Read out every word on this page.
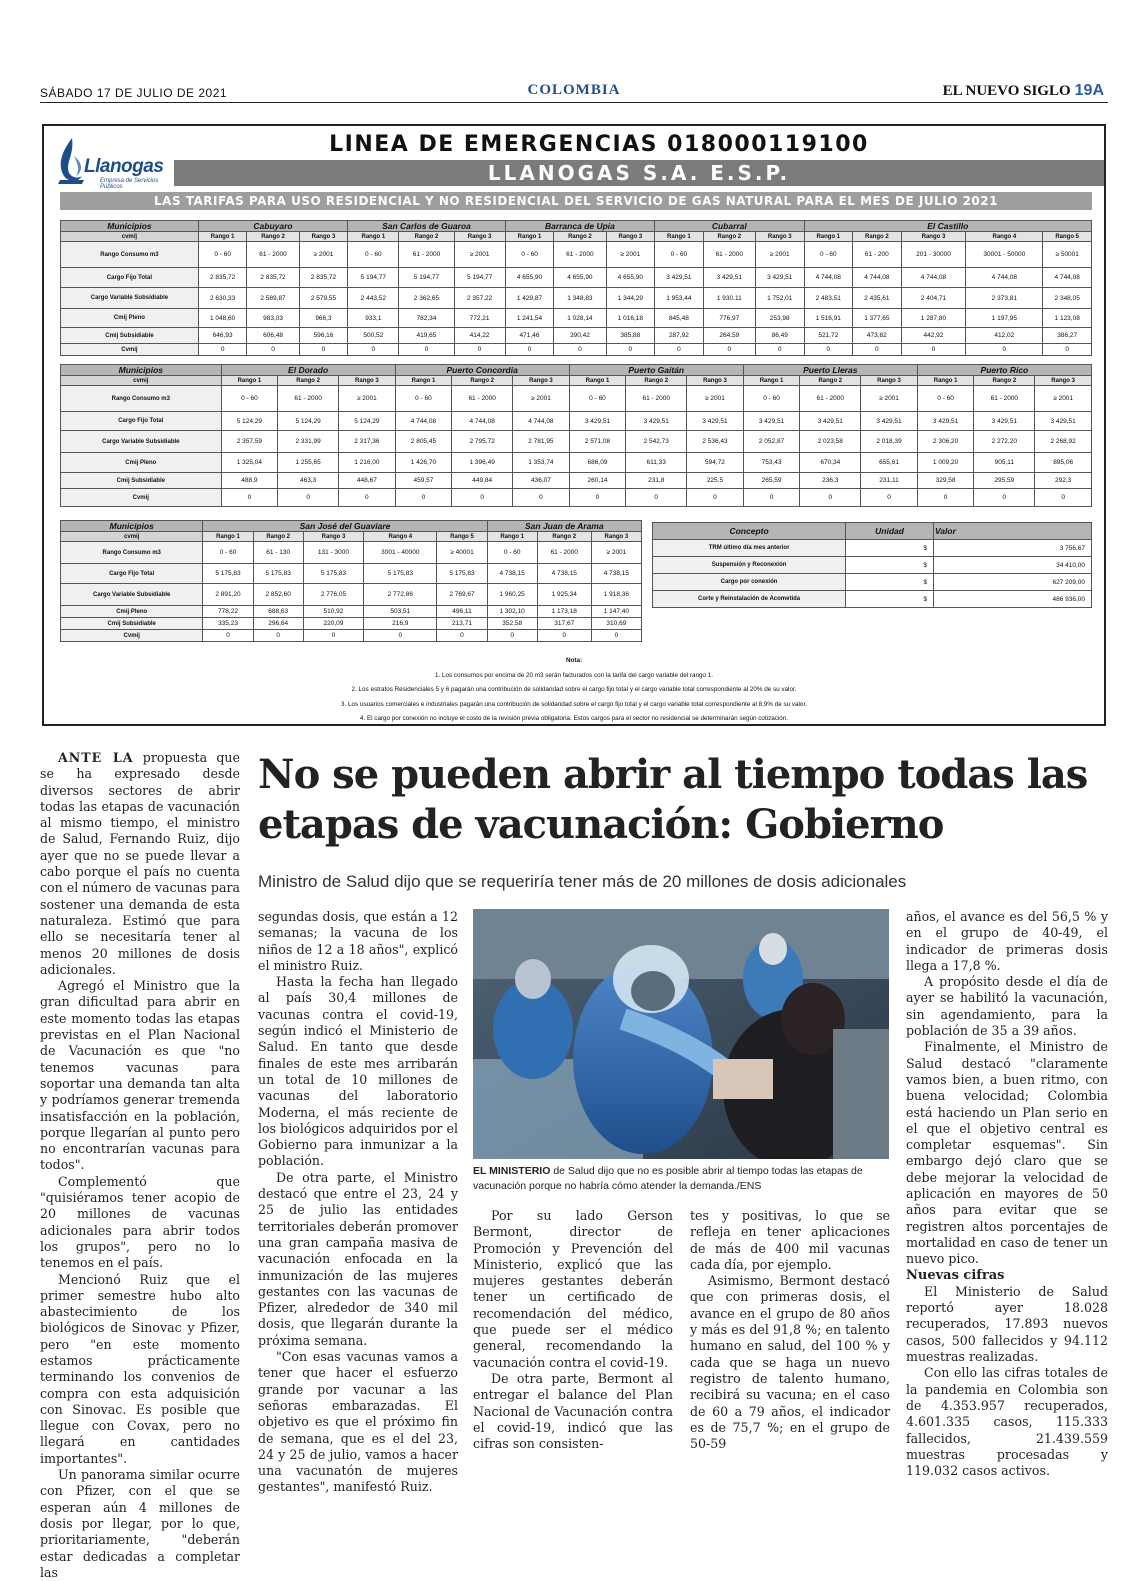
SÁBADO 17 DE JULIO DE 2021	COLOMBIA	EL NUEVO SIGLO 19A
Llanogas
Empresa de Servicios Públicos
LINEA DE EMERGENCIAS 018000119100
LLANOGAS S.A. E.S.P.
LAS TARIFAS PARA USO RESIDENCIAL Y NO RESIDENCIAL DEL SERVICIO DE GAS NATURAL PARA EL MES DE JULIO 2021
Municipios	Cabuyaro			San Carlos de Guaroa			Barranca de Upia			Cubarral			El Castillo				
cvm/j	Rango 1	Rango 2	Rango 3	Rango 1	Rango 2	Rango 3	Rango 1	Rango 2	Rango 3	Rango 1	Rango 2	Rango 3	Rango 1	Rango 2	Rango 3	Rango 4	Rango 5
Rango Consumo m3	0 - 60	61 - 2000	≥ 2001	0 - 60	61 - 2000	≥ 2001	0 - 60	61 - 2000	≥ 2001	0 - 60	61 - 2000	≥ 2001	0 - 60	61 - 200	201 - 30000	30001 - 50000	≥ 50001
Cargo Fijo Total	2 835,72	2 835,72	2 835,72	5 194,77	5 194,77	5 194,77	4 655,90	4 655,90	4 655,90	3 429,51	3 429,51	3 429,51	4 744,08	4 744,08	4 744,08	4 744,08	4 744,08
Cargo Variable Subsidiable	2 630,33	2 589,87	2 579,55	2 443,52	2 362,65	2 357,22	1 429,87	1 348,83	1 344,29	1 953,44	1 930,11	1 752,01	2 483,51	2 435,61	2 404,71	2 373,81	2 348,05
Cmij Pleno	1 048,60	983,03	966,3	933,1	782,34	772,21	1 241,54	1 028,14	1 016,18	845,48	776,97	253,98	1 516,91	1 377,65	1 287,80	1 197,95	1 123,08
Cmij Subsidiable	646,93	606,48	596,16	500,52	419,65	414,22	471,46	390,42	385,88	287,92	264,59	86,49	521,72	473,82	442,92	412,02	386,27
Cvmij	0	0	0	0	0	0	0	0	0	0	0	0	0	0	0	0	0
Municipios	El Dorado			Puerto Concordia			Puerto Gaitán			Puerto Lleras			Puerto Rico		
cvmij	Rango 1	Rango 2	Rango 3	Rango 1	Rango 2	Rango 3	Rango 1	Rango 2	Rango 3	Rango 1	Rango 2	Rango 3	Rango 1	Rango 2	Rango 3
Rango Consumo m3	0 - 60	61 - 2000	≥ 2001	0 - 60	61 - 2000	≥ 2001	0 - 60	61 - 2000	≥ 2001	0 - 60	61 - 2000	≥ 2001	0 - 60	61 - 2000	≥ 2001
Cargo Fijo Total	5 124,29	5 124,29	5 124,29	4 744,08	4 744,08	4 744,08	3 429,51	3 429,51	3 429,51	3 429,51	3 429,51	3 429,51	3 429,51	3 429,51	3 429,51
Cargo Variable Subsidiable	2 357,59	2 331,99	2 317,36	2 805,45	2 795,72	2 781,95	2 571,08	2 542,73	2 536,43	2 052,87	2 023,58	2 018,39	2 306,20	2 272,20	2 268,92
Cmij Pleno	1 325,04	1 255,65	1 216,00	1 426,70	1 396,49	1 353,74	686,09	611,33	594,72	753,43	670,34	655,61	1 009,20	905,11	895,06
Cmij Subsidiable	488,9	463,3	448,67	459,57	449,84	436,07	260,14	231,8	225,5	265,59	236,3	231,11	329,58	295,59	292,3
Cvmij	0	0	0	0	0	0	0	0	0	0	0	0	0	0	0
Municipios	San José del Guaviare					San Juan de Arama		
cvmij	Rango 1	Rango 2	Rango 3	Rango 4	Rango 5	Rango 1	Rango 2	Rango 3
Rango Consumo m3	0 - 60	61 - 130	131 - 3000	3001 - 40000	≥ 40001	0 - 60	61 - 2000	≥ 2001
Cargo Fijo Total	5 175,83	5 175,83	5 175,83	5 175,83	5 175,83	4 738,15	4 738,15	4 738,15
Cargo Variable Subsidiable	2 891,20	2 852,60	2 776,05	2 772,86	2 769,67	1 960,25	1 925,34	1 918,36
Cmij Pleno	778,22	688,63	510,92	503,51	496,11	1 302,10	1 173,18	1 147,40
Cmij Subsidiable	335,23	296,64	220,09	216,9	213,71	352,58	317,67	310,69
Cvmij	0	0	0	0	0	0	0	0
Concepto	Unidad	Valor
TRM último día mes anterior	$	3 756,67
Suspensión y Reconexión	$	34 410,00
Cargo por conexión	$	627 209,00
Corte y Reinstalación de Acometida	$	486 936,00
Nota:
1. Los consumos por encima de 20 m3 serán facturados con la tarifa del cargo variable del rango 1.
2. Los estratos Residenciales 5 y 6 pagarán una contribución de solidaridad sobre el cargo fijo total y el cargo variable total correspondiente al 20% de su valor.
3. Los usuarios comerciales e industriales pagarán una contribución de solidaridad sobre el cargo fijo total y el cargo variable total correspondiente al 8,9% de su valor.
4. El cargo por conexión no incluye el costo de la revisión previa obligatoria. Estos cargos para el sector no residencial se determinarán según cotización.
No se pueden abrir al tiempo todas las etapas de vacunación: Gobierno
Ministro de Salud dijo que se requeriría tener más de 20 millones de dosis adicionales

ANTE LA propuesta que se ha expresado desde diversos sectores de abrir todas las etapas de vacunación al mismo tiempo, el ministro de Salud, Fernando Ruiz, dijo ayer que no se puede llevar a cabo porque el país no cuenta con el número de vacunas para sostener una demanda de esta naturaleza. Estimó que para ello se necesitaría tener al menos 20 millones de dosis adicionales.

Agregó el Ministro que la gran dificultad para abrir en este momento todas las etapas previstas en el Plan Nacional de Vacunación es que "no tenemos vacunas para soportar una demanda tan alta y podríamos generar tremenda insatisfacción en la población, porque llegarían al punto pero no encontrarían vacunas para todos".

Complementó que "quisiéramos tener acopio de 20 millones de vacunas adicionales para abrir todos los grupos", pero no lo tenemos en el país.

Mencionó Ruiz que el primer semestre hubo alto abastecimiento de los biológicos de Sinovac y Pfizer, pero "en este momento estamos prácticamente terminando los convenios de compra con esta adquisición con Sinovac. Es posible que llegue con Covax, pero no llegará en cantidades importantes".

Un panorama similar ocurre con Pfizer, con el que se esperan aún 4 millones de dosis por llegar, por lo que, prioritariamente, "deberán estar dedicadas a completar las

segundas dosis, que están a 12 semanas; la vacuna de los niños de 12 a 18 años", explicó el ministro Ruiz.

Hasta la fecha han llegado al país 30,4 millones de vacunas contra el covid-19, según indicó el Ministerio de Salud. En tanto que desde finales de este mes arribarán un total de 10 millones de vacunas del laboratorio Moderna, el más reciente de los biológicos adquiridos por el Gobierno para inmunizar a la población.

De otra parte, el Ministro destacó que entre el 23, 24 y 25 de julio las entidades territoriales deberán promover una gran campaña masiva de vacunación enfocada en la inmunización de las mujeres gestantes con las vacunas de Pfizer, alrededor de 340 mil dosis, que llegarán durante la próxima semana.

"Con esas vacunas vamos a tener que hacer el esfuerzo grande por vacunar a las señoras embarazadas. El objetivo es que el próximo fin de semana, que es el del 23, 24 y 25 de julio, vamos a hacer una vacunatón de mujeres gestantes", manifestó Ruiz.

EL MINISTERIO de Salud dijo que no es posible abrir al tiempo todas las etapas de vacunación porque no habría cómo atender la demanda./ENS

Por su lado Gerson Bermont, director de Promoción y Prevención del Ministerio, explicó que las mujeres gestantes deberán tener un certificado de recomendación del médico, que puede ser el médico general, recomendando la vacunación contra el covid-19.

De otra parte, Bermont al entregar el balance del Plan Nacional de Vacunación contra el covid-19, indicó que las cifras son consisten-

tes y positivas, lo que se refleja en tener aplicaciones de más de 400 mil vacunas cada día, por ejemplo.

Asimismo, Bermont destacó que con primeras dosis, el avance en el grupo de 80 años y más es del 91,8 %; en talento humano en salud, del 100 % y cada que se haga un nuevo registro de talento humano, recibirá su vacuna; en el caso de 60 a 79 años, el indicador es de 75,7 %; en el grupo de 50-59

años, el avance es del 56,5 % y en el grupo de 40-49, el indicador de primeras dosis llega a 17,8 %.

A propósito desde el día de ayer se habilitó la vacunación, sin agendamiento, para la población de 35 a 39 años.

Finalmente, el Ministro de Salud destacó "claramente vamos bien, a buen ritmo, con buena velocidad; Colombia está haciendo un Plan serio en el que el objetivo central es completar esquemas". Sin embargo dejó claro que se debe mejorar la velocidad de aplicación en mayores de 50 años para evitar que se registren altos porcentajes de mortalidad en caso de tener un nuevo pico.

Nuevas cifras

El Ministerio de Salud reportó ayer 18.028 recuperados, 17.893 nuevos casos, 500 fallecidos y 94.112 muestras realizadas.

Con ello las cifras totales de la pandemia en Colombia son de 4.353.957 recuperados, 4.601.335 casos, 115.333 fallecidos, 21.439.559 muestras procesadas y 119.032 casos activos.
